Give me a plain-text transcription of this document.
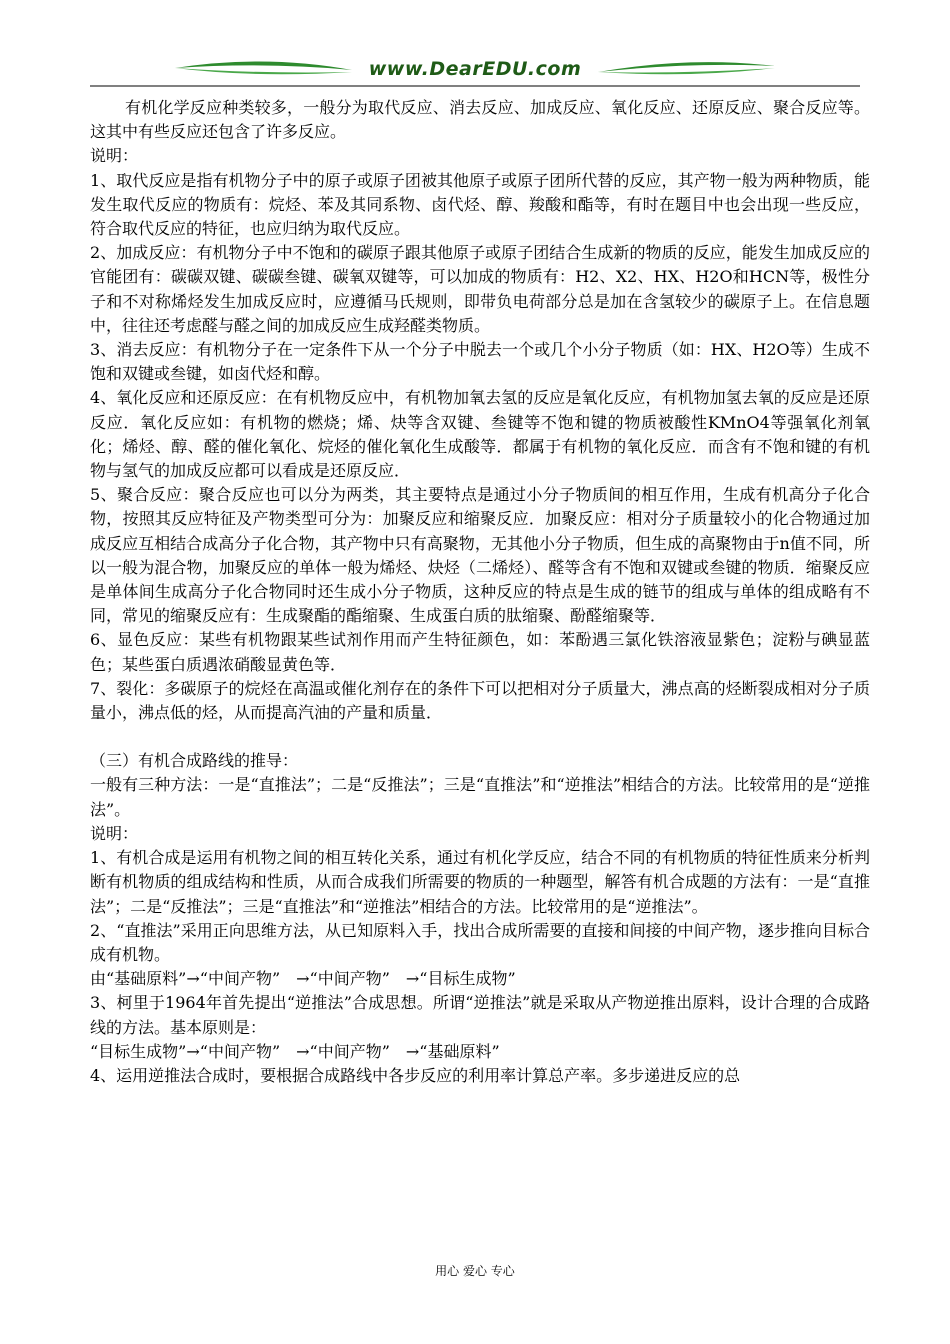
www.DearEDU.com

有机化学反应种类较多，一般分为取代反应、消去反应、加成反应、氧化反应、还原反应、聚合反应等。这其中有些反应还包含了许多反应。

说明：

1、取代反应是指有机物分子中的原子或原子团被其他原子或原子团所代替的反应，其产物一般为两种物质，能发生取代反应的物质有：烷烃、苯及其同系物、卤代烃、醇、羧酸和酯等，有时在题目中也会出现一些反应，符合取代反应的特征，也应归纳为取代反应。

2、加成反应：有机物分子中不饱和的碳原子跟其他原子或原子团结合生成新的物质的反应，能发生加成反应的官能团有：碳碳双键、碳碳叁键、碳氧双键等，可以加成的物质有：H2、X2、HX、H2O和HCN等，极性分子和不对称烯烃发生加成反应时，应遵循马氏规则，即带负电荷部分总是加在含氢较少的碳原子上。在信息题中，往往还考虑醛与醛之间的加成反应生成羟醛类物质。

3、消去反应：有机物分子在一定条件下从一个分子中脱去一个或几个小分子物质（如：HX、H2O等）生成不饱和双键或叁键，如卤代烃和醇。

4、氧化反应和还原反应：在有机物反应中，有机物加氧去氢的反应是氧化反应，有机物加氢去氧的反应是还原反应．氧化反应如：有机物的燃烧；烯、炔等含双键、叁键等不饱和键的物质被酸性KMnO4等强氧化剂氧化；烯烃、醇、醛的催化氧化、烷烃的催化氧化生成酸等．都属于有机物的氧化反应．而含有不饱和键的有机物与氢气的加成反应都可以看成是还原反应．

5、聚合反应：聚合反应也可以分为两类，其主要特点是通过小分子物质间的相互作用，生成有机高分子化合物，按照其反应特征及产物类型可分为：加聚反应和缩聚反应．加聚反应：相对分子质量较小的化合物通过加成反应互相结合成高分子化合物，其产物中只有高聚物，无其他小分子物质，但生成的高聚物由于n值不同，所以一般为混合物，加聚反应的单体一般为烯烃、炔烃（二烯烃）、醛等含有不饱和双键或叁键的物质．缩聚反应是单体间生成高分子化合物同时还生成小分子物质，这种反应的特点是生成的链节的组成与单体的组成略有不同，常见的缩聚反应有：生成聚酯的酯缩聚、生成蛋白质的肽缩聚、酚醛缩聚等．

6、显色反应：某些有机物跟某些试剂作用而产生特征颜色，如：苯酚遇三氯化铁溶液显紫色；淀粉与碘显蓝色；某些蛋白质遇浓硝酸显黄色等．

7、裂化：多碳原子的烷烃在高温或催化剂存在的条件下可以把相对分子质量大，沸点高的烃断裂成相对分子质量小，沸点低的烃，从而提高汽油的产量和质量．

（三）有机合成路线的推导：

一般有三种方法：一是“直推法”；二是“反推法”；三是“直推法”和“逆推法”相结合的方法。比较常用的是“逆推法”。

说明：

1、有机合成是运用有机物之间的相互转化关系，通过有机化学反应，结合不同的有机物质的特征性质来分析判断有机物质的组成结构和性质，从而合成我们所需要的物质的一种题型，解答有机合成题的方法有：一是“直推法”；二是“反推法”；三是“直推法”和“逆推法”相结合的方法。比较常用的是“逆推法”。

2、“直推法”采用正向思维方法，从已知原料入手，找出合成所需要的直接和间接的中间产物，逐步推向目标合成有机物。

由“基础原料”→“中间产物”　→“中间产物”　→“目标生成物”

3、柯里于1964年首先提出“逆推法”合成思想。所谓“逆推法”就是采取从产物逆推出原料，设计合理的合成路线的方法。基本原则是：

“目标生成物”→“中间产物”　→“中间产物”　→“基础原料”

4、运用逆推法合成时，要根据合成路线中各步反应的利用率计算总产率。多步递进反应的总

用心 爱心 专心
